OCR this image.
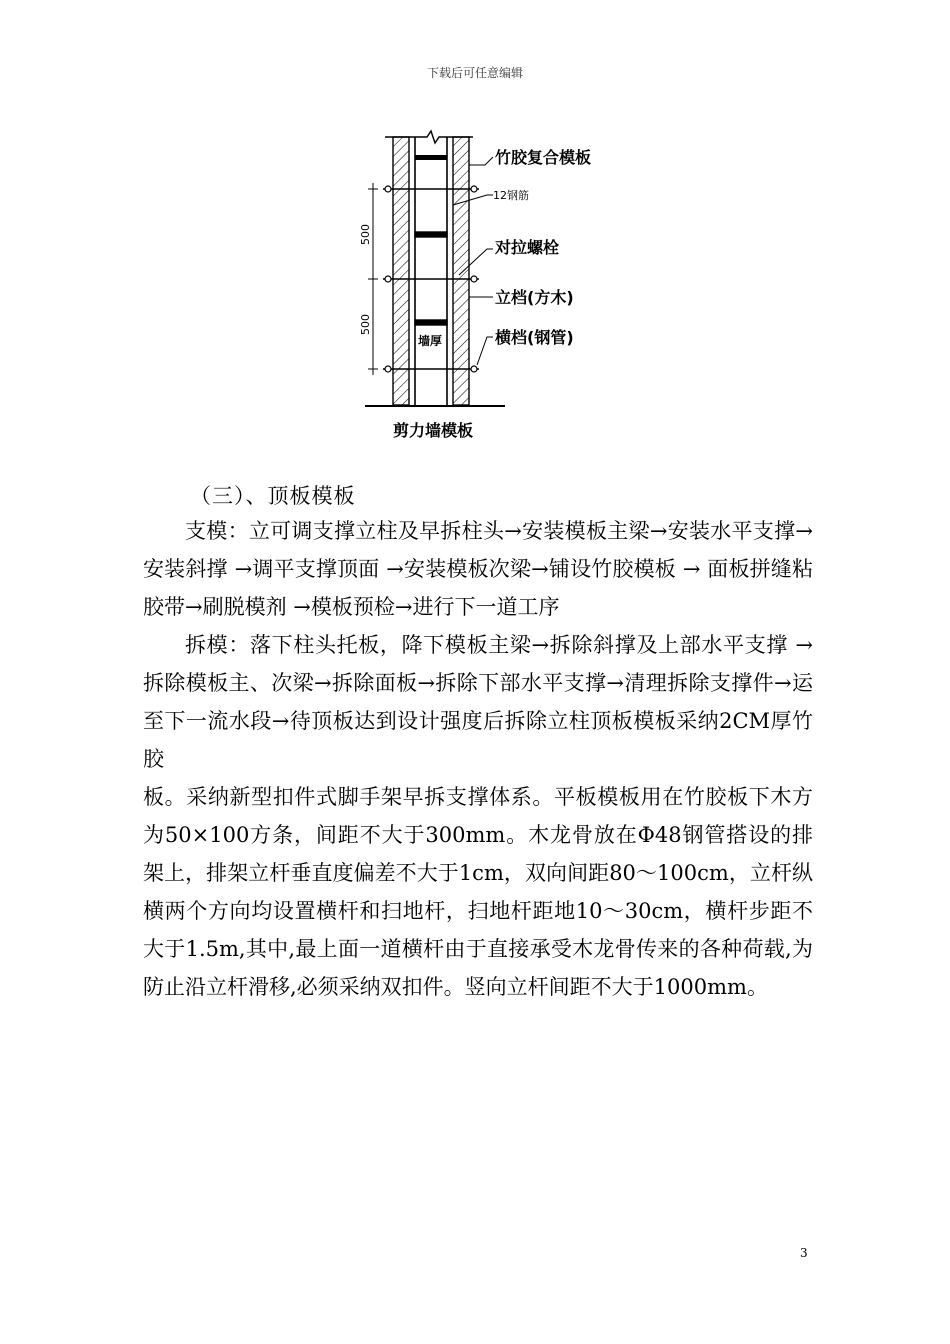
下载后可任意编辑
500
500
墙厚
竹胶复合模板
12钢筋
对拉螺栓
立档(方木)
横档(钢管)
剪力墙模板
（三）、顶板模板

支模：立可调支撑立柱及早拆柱头→安装模板主梁→安装水平支撑→安装斜撑 →调平支撑顶面 →安装模板次梁→铺设竹胶模板 → 面板拼缝粘胶带→刷脱模剂 →模板预检→进行下一道工序

拆模：落下柱头托板，降下模板主梁→拆除斜撑及上部水平支撑 →拆除模板主、次梁→拆除面板→拆除下部水平支撑→清理拆除支撑件→运至下一流水段→待顶板达到设计强度后拆除立柱顶板模板采纳2CM厚竹胶

板。采纳新型扣件式脚手架早拆支撑体系。平板模板用在竹胶板下木方为50×100方条，间距不大于300mm。木龙骨放在Φ48钢管搭设的排架上，排架立杆垂直度偏差不大于1cm，双向间距80～100cm，立杆纵横两个方向均设置横杆和扫地杆，扫地杆距地10～30cm，横杆步距不大于1.5m,其中,最上面一道横杆由于直接承受木龙骨传来的各种荷载,为防止沿立杆滑移,必须采纳双扣件。竖向立杆间距不大于1000mm。

3
